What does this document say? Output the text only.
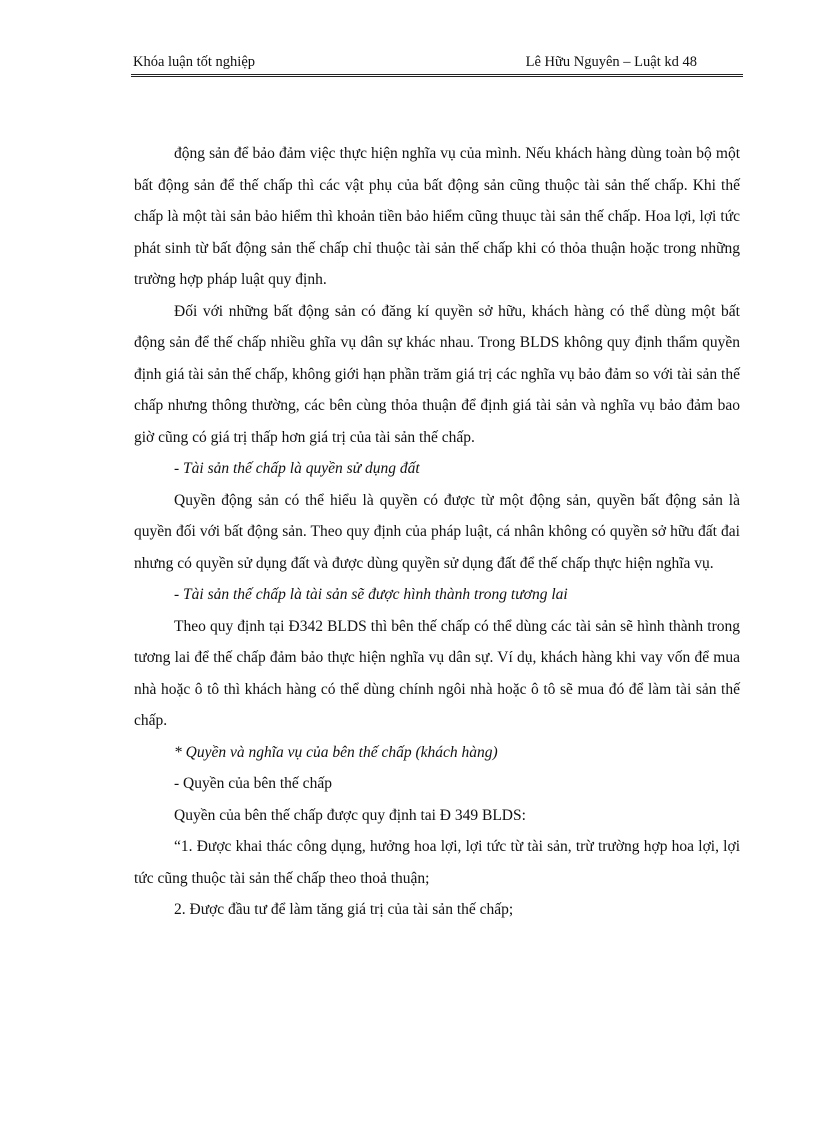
Khóa luận tốt nghiệp	Lê Hữu Nguyên – Luật kd 48

động sản để bảo đảm việc thực hiện nghĩa vụ của mình. Nếu khách hàng dùng toàn bộ một bất động sản để thế chấp thì các vật phụ của bất động sản cũng thuộc tài sản thế chấp. Khi thế chấp là một tài sản bảo hiểm thì khoản tiền bảo hiểm cũng thuục tài sản thế chấp. Hoa lợi, lợi tức phát sinh từ bất động sản thế chấp chỉ thuộc tài sản thế chấp khi có thỏa thuận hoặc trong những trường hợp pháp luật quy định.

Đối với những bất động sản có đăng kí quyền sở hữu, khách hàng có thể dùng một bất động sản để thế chấp nhiều ghĩa vụ dân sự khác nhau. Trong BLDS không quy định thẩm quyền định giá tài sản thế chấp, không giới hạn phần trăm giá trị các nghĩa vụ bảo đảm so với tài sản thế chấp nhưng thông thường, các bên cùng thỏa thuận để định giá tài sản và nghĩa vụ bảo đảm bao giờ cũng có giá trị thấp hơn giá trị của tài sản thế chấp.

- Tài sản thế chấp là quyền sử dụng đất

Quyền động sản có thể hiểu là quyền có được từ một động sản, quyền bất động sản là quyền đối với bất động sản. Theo quy định của pháp luật, cá nhân không có quyền sở hữu đất đai nhưng có quyền sử dụng đất và được dùng quyền sử dụng đất để thế chấp thực hiện nghĩa vụ.

- Tài sản thế chấp là tài sản sẽ được hình thành trong tương lai

Theo quy định tại Đ342 BLDS thì bên thế chấp có thể dùng các tài sản sẽ hình thành trong tương lai để thế chấp đảm bảo thực hiện nghĩa vụ dân sự. Ví dụ, khách hàng khi vay vốn để mua nhà hoặc ô tô thì khách hàng có thể dùng chính ngôi nhà hoặc ô tô sẽ mua đó để làm tài sản thế chấp.

* Quyền và nghĩa vụ của bên thế chấp (khách hàng)

- Quyền của bên thế chấp

Quyền của bên thế chấp được quy định tai Đ 349 BLDS:

“1. Được khai thác công dụng, hưởng hoa lợi, lợi tức từ tài sản, trừ trường hợp hoa lợi, lợi tức cũng thuộc tài sản thế chấp theo thoả thuận;

2. Được đầu tư để làm tăng giá trị của tài sản thế chấp;
